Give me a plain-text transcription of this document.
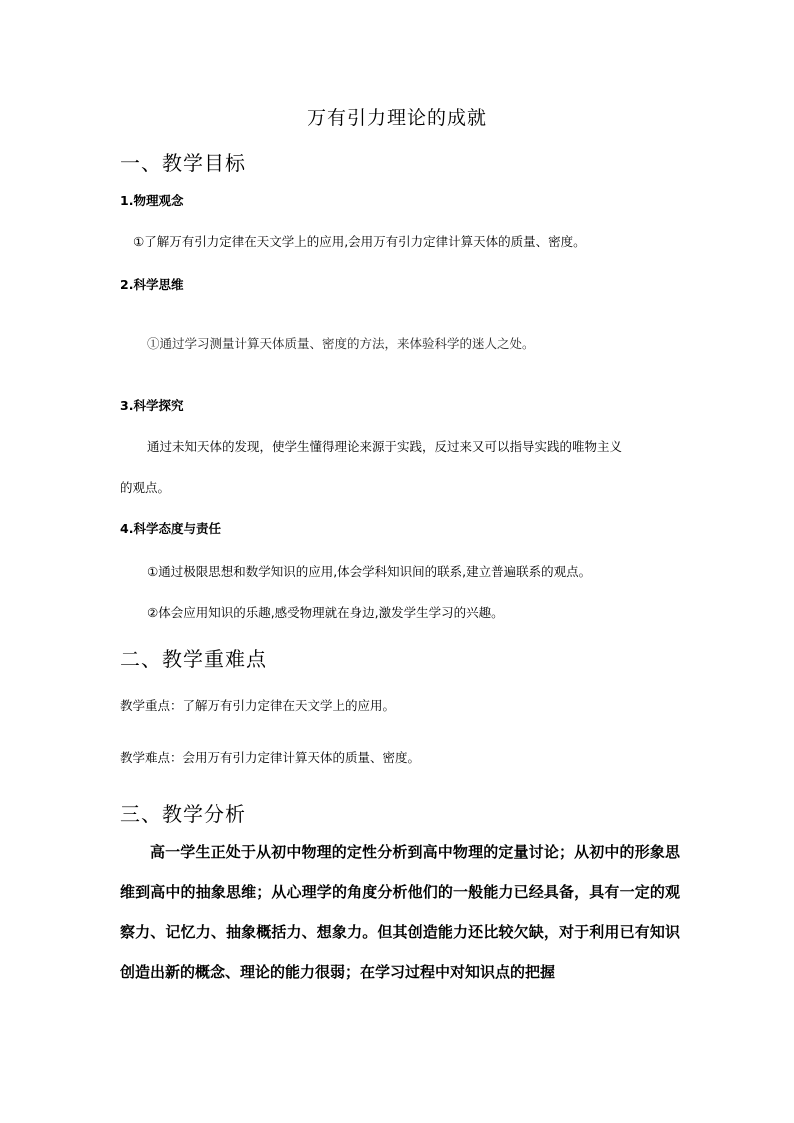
万有引力理论的成就
一、教学目标
1.物理观念
①了解万有引力定律在天文学上的应用,会用万有引力定律计算天体的质量、密度。
2.科学思维
①通过学习测量计算天体质量、密度的方法，来体验科学的迷人之处。
3.科学探究
通过未知天体的发现，使学生懂得理论来源于实践，反过来又可以指导实践的唯物主义
的观点。
4.科学态度与责任
①通过极限思想和数学知识的应用,体会学科知识间的联系,建立普遍联系的观点。
②体会应用知识的乐趣,感受物理就在身边,激发学生学习的兴趣。
二、教学重难点
教学重点：了解万有引力定律在天文学上的应用。
教学难点：会用万有引力定律计算天体的质量、密度。
三、教学分析
高一学生正处于从初中物理的定性分析到高中物理的定量讨论；从初中的形象思维到高中的抽象思维；从心理学的角度分析他们的一般能力已经具备，具有一定的观察力、记忆力、抽象概括力、想象力。但其创造能力还比较欠缺，对于利用已有知识创造出新的概念、理论的能力很弱；在学习过程中对知识点的把握
